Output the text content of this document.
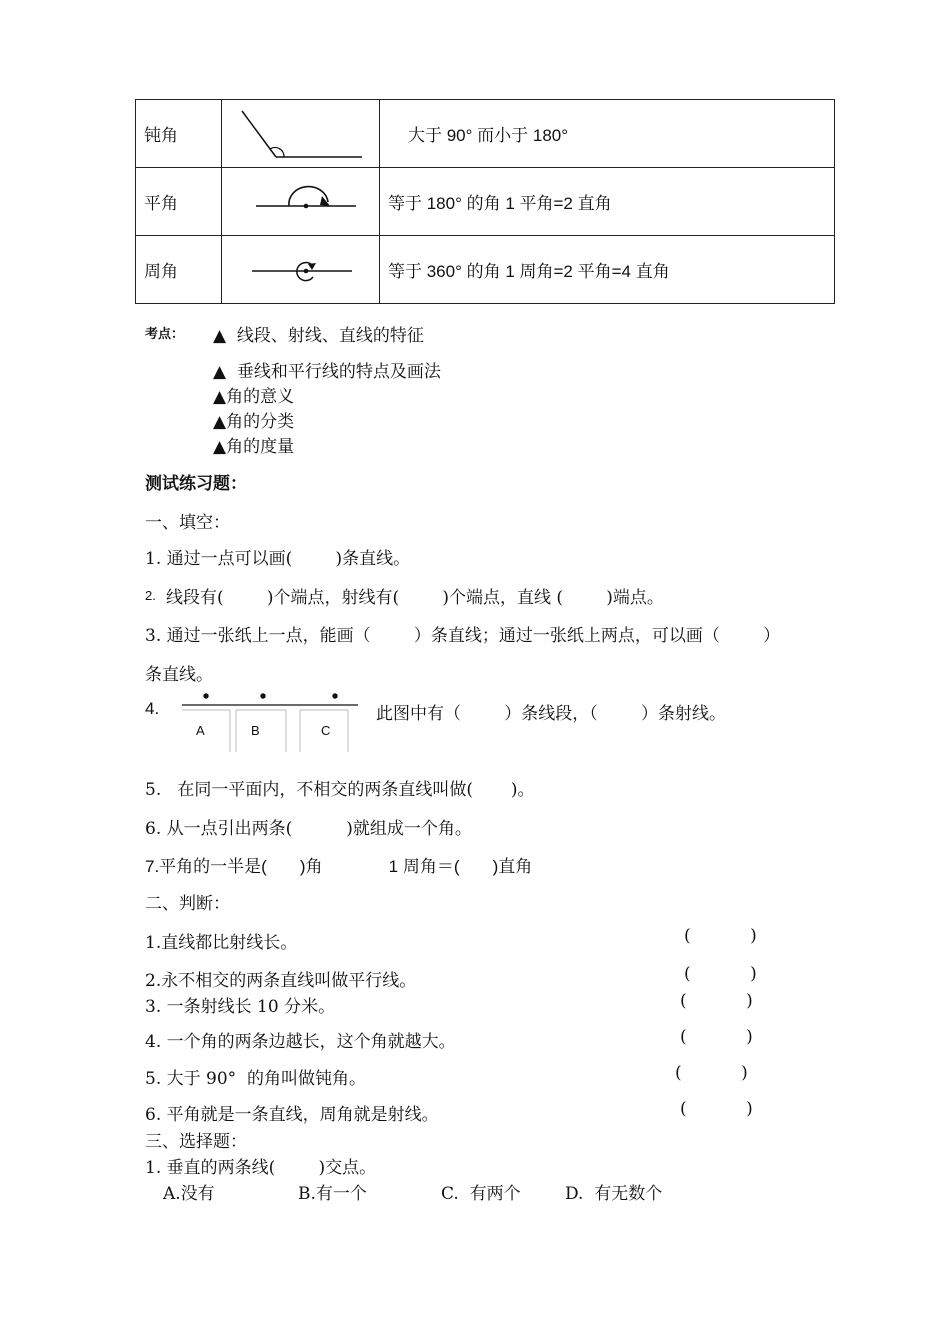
钝角		大于 90° 而小于 180°
平角		等于 180° 的角 1 平角=2 直角
周角		等于 360° 的角 1 周角=2 平角=4 直角
考点： ▲  线段、射线、直线的特征
▲  垂线和平行线的特点及画法
▲角的意义
▲角的分类
▲角的度量
测试练习题：
一、填空：
1. 通过一点可以画(        )条直线。
2. 线段有(        )个端点，射线有(        )个端点，直线 (        )端点。
3. 通过一张纸上一点，能画（        ）条直线；通过一张纸上两点，可以画（        ）
条直线。
4.
A	B	C
此图中有（        ）条线段，（        ）条射线。
5.   在同一平面内，不相交的两条直线叫做(       )。
6. 从一点引出两条(          )就组成一个角。
7.平角的一半是(       )角              1 周角＝(       )直角
二、判断：
1.直线都比射线长。	(           )
2.永不相交的两条直线叫做平行线。	(           )
3. 一条射线长 10 分米。	(           )
4. 一个角的两条边越长，这个角就越大。	(           )
5. 大于 90°  的角叫做钝角。	(           )
6. 平角就是一条直线，周角就是射线。	(           )
三、选择题：
1. 垂直的两条线(        )交点。
A.没有	B.有一个	C.  有两个	D.  有无数个
